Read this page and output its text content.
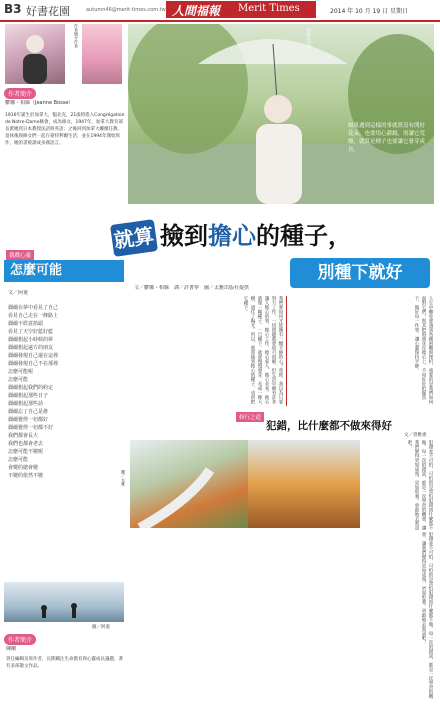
B3 好書花園	autumn46@merit-times.com.tw 人間福報 Merit Times	2014 年 10 月 19 日 星期日
作者簡介作者
作者簡介
鬱娜・柏絲（Jeanne Bosse）
1916年誕生於加拿大，魁北克，21歲時進入Congrégation de Notre-Dame修會，成為修女，1947年，加拿大教育部長派她到日本教授法語與英語；之後回到加拿大繼續任教。退休後與修女們一起在蒙特利爾生活，並在1994年開始寫作，她的書被譯成多國語言。
學習信守
如果遇到這樣的事就算沒有開好花朵，也要用心灌溉，別讓它荒廢，就算是種子也要讓它發芽成長。
就算 撿到擔心的種子，
別種下就好
文／鬱娜・柏絲　譯／許書寧　圖／太雅出版社提供
偶戲心靈
怎麼可能
文／阿童
偶爾在夢中看見了自己
看見自己走在一條路上
偶爾不經意抬頭
看見了天空好藍好藍
偶爾想起小時候的夢
偶爾想起遠方的朋友
偶爾發現自己還在這裡
偶爾發現自己不在那裡
怎麼可能呢
怎麼可能
偶爾想起我們的約定
偶爾想起那些日子
偶爾想起那些話
偶爾忘了自己是誰
偶爾覺得一切都好
偶爾覺得一切都不好
我們都會長大
我們也都會老去
怎麼可能不變呢
怎麼可能
會變的總會變
不變的依然不變
圖／阿童
作者簡介
陳蘭
曾任編輯及寫作者，長期關注生命教育與心靈成長議題，著有多部散文作品。
我們要如何才能擁有一顆平靜的心？曾經，我以為只要努力工作，一切問題就會迎刃而解。但生活中總有許多讓人擔心的事，擔心工作、擔心家人、擔心未來。擔心就像一顆種子，一旦種下，就會慢慢發芽，長成一棵大樹，遮住了陽光。所以，就算撿到擔心的種子，也別把它種下。	人生中難免會遇到各種困難與挫折，重要的是我們如何面對它們。與其把時間花在擔心上，不如好好把握當下，做好每一件事，讓心靈保持平靜。
圖／太雅
修行之道
犯錯，比什麼都不做來得好
文／曾雅惠
犯錯並不可怕，可怕的是害怕犯錯而什麼都不做。每一次的錯誤，都是一次學習的機會，讓我們變得更加成熟、更加堅強。勇敢地去嘗試吧！
犯錯並不可怕，可怕的是害怕犯錯而什麼都不做。每一次的錯誤，都是一次學習的機會，讓我們變得更加成熟、更加堅強。勇敢地去嘗試吧！
